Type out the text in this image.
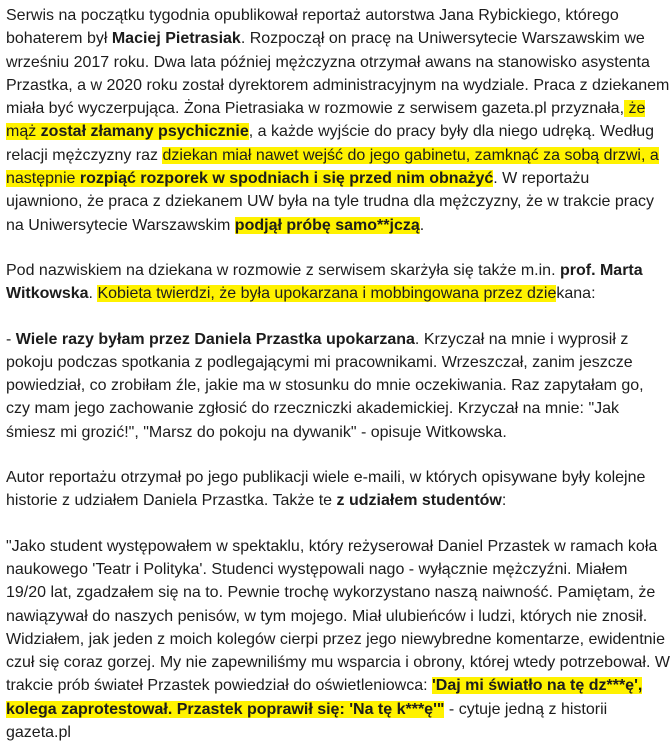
Serwis na początku tygodnia opublikował reportaż autorstwa Jana Rybickiego, którego bohaterem był Maciej Pietrasiak. Rozpoczął on pracę na Uniwersytecie Warszawskim we wrześniu 2017 roku. Dwa lata później mężczyzna otrzymał awans na stanowisko asystenta Przastka, a w 2020 roku został dyrektorem administracyjnym na wydziale. Praca z dziekanem miała być wyczerpująca. Żona Pietrasiaka w rozmowie z serwisem gazeta.pl przyznała, że mąż został złamany psychicznie, a każde wyjście do pracy były dla niego udręką. Według relacji mężczyzny raz dziekan miał nawet wejść do jego gabinetu, zamknąć za sobą drzwi, a następnie rozpiąć rozporek w spodniach i się przed nim obnażyć. W reportażu ujawniono, że praca z dziekanem UW była na tyle trudna dla mężczyzny, że w trakcie pracy na Uniwersytecie Warszawskim podjął próbę samo**jczą.

Pod nazwiskiem na dziekana w rozmowie z serwisem skarżyła się także m.in. prof. Marta Witkowska. Kobieta twierdzi, że była upokarzana i mobbingowana przez dziekana:

- Wiele razy byłam przez Daniela Przastka upokarzana. Krzyczał na mnie i wyprosił z pokoju podczas spotkania z podlegającymi mi pracownikami. Wrzeszczał, zanim jeszcze powiedział, co zrobiłam źle, jakie ma w stosunku do mnie oczekiwania. Raz zapytałam go, czy mam jego zachowanie zgłosić do rzeczniczki akademickiej. Krzyczał na mnie: "Jak śmiesz mi grozić!", "Marsz do pokoju na dywanik" - opisuje Witkowska.

Autor reportażu otrzymał po jego publikacji wiele e-maili, w których opisywane były kolejne historie z udziałem Daniela Przastka. Także te z udziałem studentów:

"Jako student występowałem w spektaklu, który reżyserował Daniel Przastek w ramach koła naukowego 'Teatr i Polityka'. Studenci występowali nago - wyłącznie mężczyźni. Miałem 19/20 lat, zgadzałem się na to. Pewnie trochę wykorzystano naszą naiwność. Pamiętam, że nawiązywał do naszych penisów, w tym mojego. Miał ulubieńców i ludzi, których nie znosił. Widziałem, jak jeden z moich kolegów cierpi przez jego niewybredne komentarze, ewidentnie czuł się coraz gorzej. My nie zapewniliśmy mu wsparcia i obrony, której wtedy potrzebował. W trakcie prób świateł Przastek powiedział do oświetleniowca: 'Daj mi światło na tę dz***ę', kolega zaprotestował. Przastek poprawił się: 'Na tę k***ę'" - cytuje jedną z historii gazeta.pl
